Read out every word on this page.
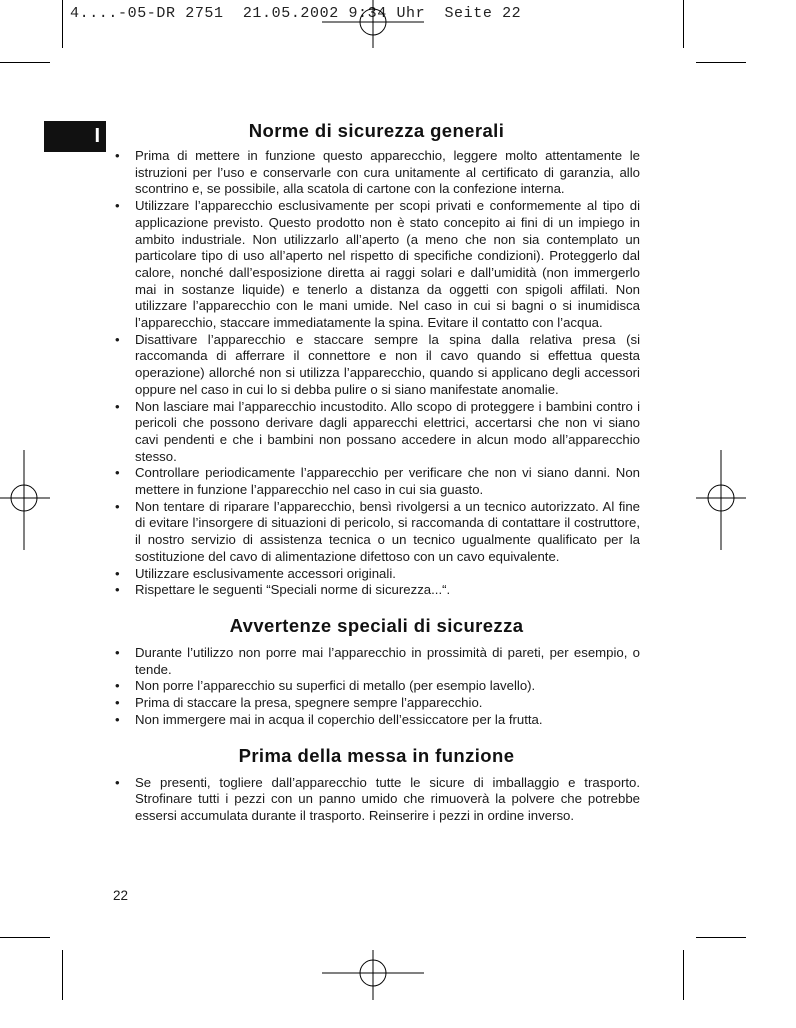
4....-05-DR 2751  21.05.2002 9:34 Uhr  Seite 22
I	Norme di sicurezza generali
• Prima di mettere in funzione questo apparecchio, leggere molto attentamente le istruzioni per l’uso e conservarle con cura unitamente al certificato di garanzia, allo scontrino e, se possibile, alla scatola di cartone con la confezione interna.
• Utilizzare l’apparecchio esclusivamente per scopi privati e conformemente al tipo di applicazione previsto. Questo prodotto non è stato concepito ai fini di un impiego in ambito industriale. Non utilizzarlo all’aperto (a meno che non sia contemplato un particolare tipo di uso all’aperto nel rispetto di specifiche condizioni). Proteggerlo dal calore, nonché dall’esposizione diretta ai raggi solari e dall’umidità (non immergerlo mai in sostanze liquide) e tenerlo a distanza da oggetti con spigoli affilati. Non utilizzare l’apparecchio con le mani umide. Nel caso in cui si bagni o si inumidisca l’apparecchio, staccare immediatamente la spina. Evitare il contatto con l’acqua.
• Disattivare l’apparecchio e staccare sempre la spina dalla relativa presa (si raccomanda di afferrare il connettore e non il cavo quando si effettua questa operazione) allorché non si utilizza l’apparecchio, quando si applicano degli accessori oppure nel caso in cui lo si debba pulire o si siano manifestate anomalie.
• Non lasciare mai l’apparecchio incustodito. Allo scopo di proteggere i bambini contro i pericoli che possono derivare dagli apparecchi elettrici, accertarsi che non vi siano cavi pendenti e che i bambini non possano accedere in alcun modo all’apparecchio stesso.
• Controllare periodicamente l’apparecchio per verificare che non vi siano danni. Non mettere in funzione l’apparecchio nel caso in cui sia guasto.
• Non tentare di riparare l’apparecchio, bensì rivolgersi a un tecnico autorizzato. Al fine di evitare l’insorgere di situazioni di pericolo, si raccomanda di contattare il costruttore, il nostro servizio di assistenza tecnica o un tecnico ugualmente qualificato per la sostituzione del cavo di alimentazione difettoso con un cavo equivalente.
• Utilizzare esclusivamente accessori originali.
• Rispettare le seguenti “Speciali norme di sicurezza...“.
Avvertenze speciali di sicurezza
• Durante l’utilizzo non porre mai l’apparecchio in prossimità di pareti, per esempio, o tende.
• Non porre l’apparecchio su superfici di metallo (per esempio lavello).
• Prima di staccare la presa, spegnere sempre l’apparecchio.
• Non immergere mai in acqua il coperchio dell’essiccatore per la frutta.
Prima della messa in funzione
• Se presenti, togliere dall’apparecchio tutte le sicure di imballaggio e trasporto. Strofinare tutti i pezzi con un panno umido che rimuoverà la polvere che potrebbe essersi accumulata durante il trasporto. Reinserire i pezzi in ordine inverso.
22
